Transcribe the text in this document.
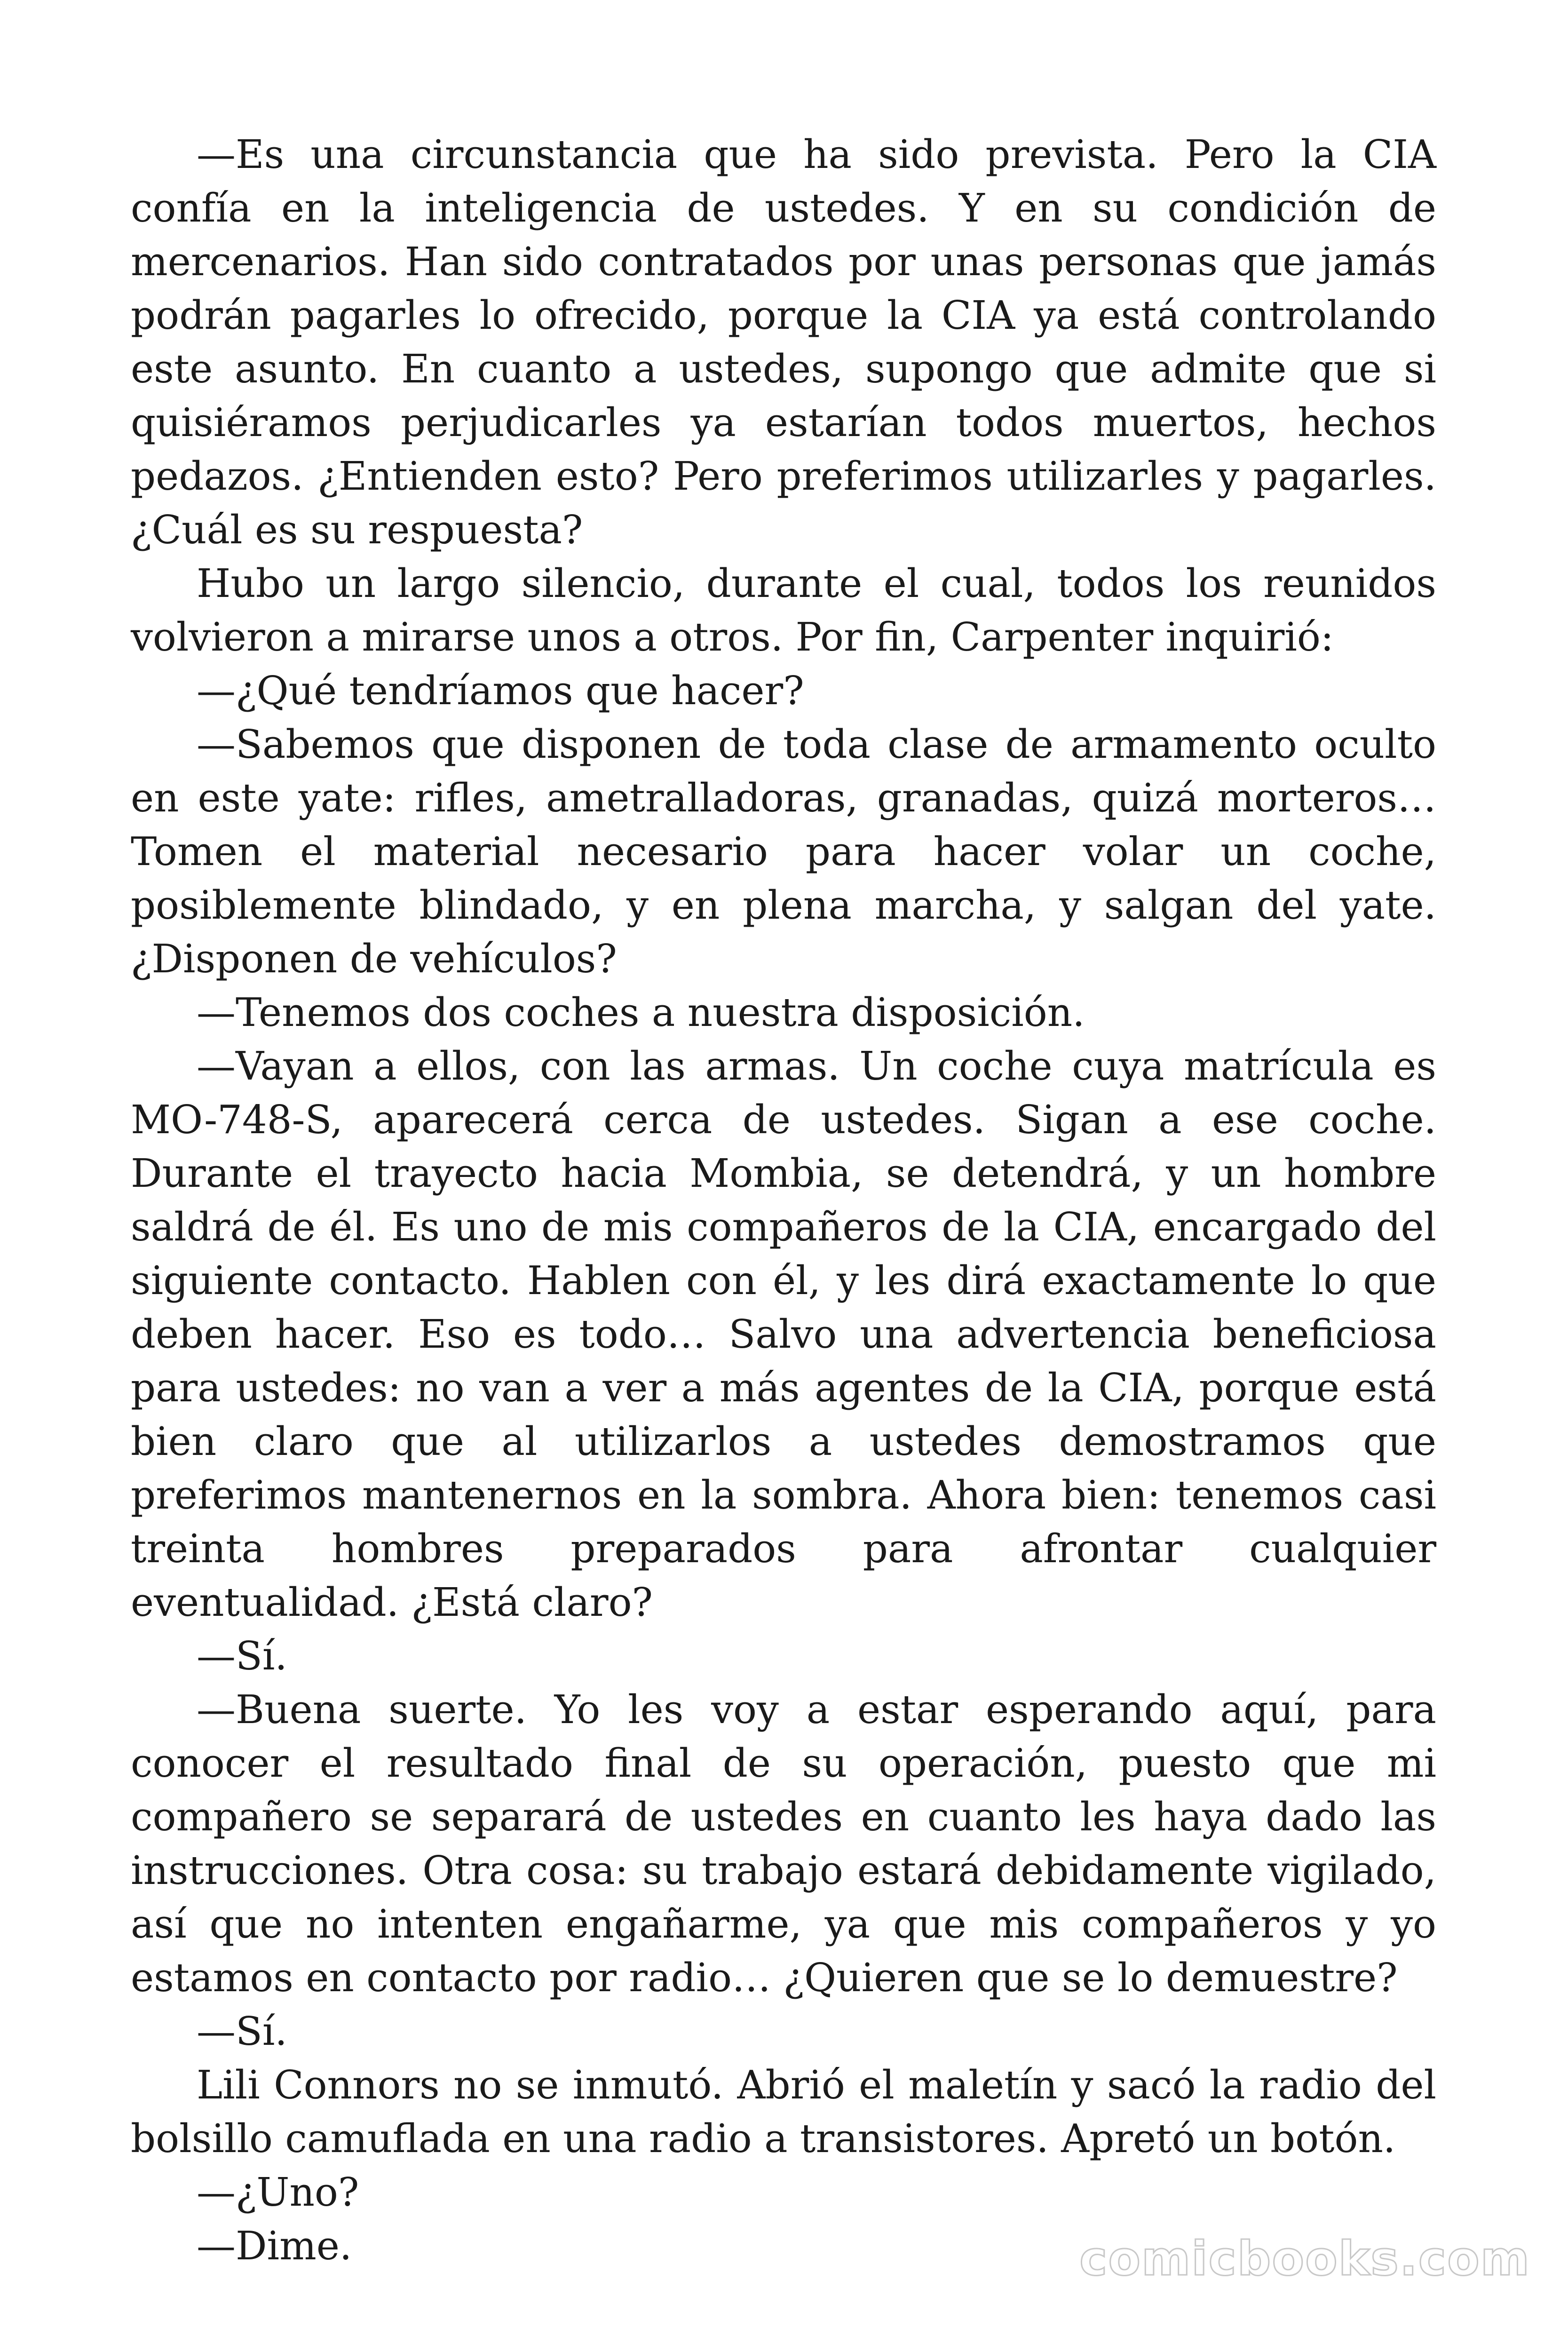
—Es una circunstancia que ha sido prevista. Pero la CIA confía en la inteligencia de ustedes. Y en su condición de mercenarios. Han sido contratados por unas personas que jamás podrán pagarles lo ofrecido, porque la CIA ya está controlando este asunto. En cuanto a ustedes, supongo que admite que si quisiéramos perjudicarles ya estarían todos muertos, hechos pedazos. ¿Entienden esto? Pero preferimos utilizarles y pagarles. ¿Cuál es su respuesta?

Hubo un largo silencio, durante el cual, todos los reunidos volvieron a mirarse unos a otros. Por fin, Carpenter inquirió:

—¿Qué tendríamos que hacer?

—Sabemos que disponen de toda clase de armamento oculto en este yate: rifles, ametralladoras, granadas, quizá morteros… Tomen el material necesario para hacer volar un coche, posiblemente blindado, y en plena marcha, y salgan del yate. ¿Disponen de vehículos?

—Tenemos dos coches a nuestra disposición.

—Vayan a ellos, con las armas. Un coche cuya matrícula es MO-748-S, aparecerá cerca de ustedes. Sigan a ese coche. Durante el trayecto hacia Mombia, se detendrá, y un hombre saldrá de él. Es uno de mis compañeros de la CIA, encargado del siguiente contacto. Hablen con él, y les dirá exactamente lo que deben hacer. Eso es todo… Salvo una advertencia beneficiosa para ustedes: no van a ver a más agentes de la CIA, porque está bien claro que al utilizarlos a ustedes demostramos que preferimos mantenernos en la sombra. Ahora bien: tenemos casi treinta hombres preparados para afrontar cualquier eventualidad. ¿Está claro?

—Sí.

—Buena suerte. Yo les voy a estar esperando aquí, para conocer el resultado final de su operación, puesto que mi compañero se separará de ustedes en cuanto les haya dado las instrucciones. Otra cosa: su trabajo estará debidamente vigilado, así que no intenten engañarme, ya que mis compañeros y yo estamos en contacto por radio… ¿Quieren que se lo demuestre?

—Sí.

Lili Connors no se inmutó. Abrió el maletín y sacó la radio del bolsillo camuflada en una radio a transistores. Apretó un botón.

—¿Uno?

—Dime.	comicbooks.com
